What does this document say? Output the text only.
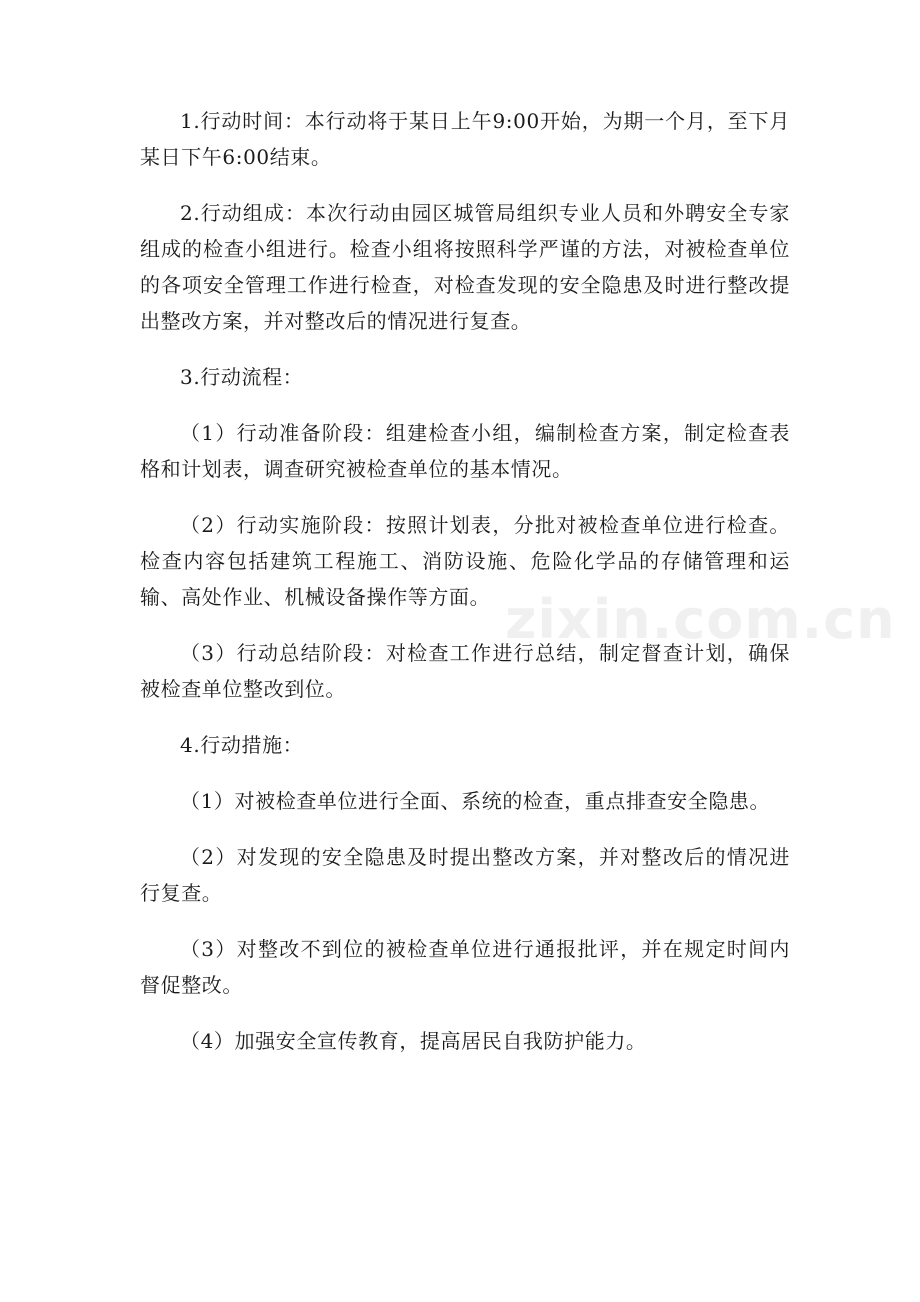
1.行动时间：本行动将于某日上午9:00开始，为期一个月，至下月某日下午6:00结束。

2.行动组成：本次行动由园区城管局组织专业人员和外聘安全专家组成的检查小组进行。检查小组将按照科学严谨的方法，对被检查单位的各项安全管理工作进行检查，对检查发现的安全隐患及时进行整改提出整改方案，并对整改后的情况进行复查。

3.行动流程：

（1）行动准备阶段：组建检查小组，编制检查方案，制定检查表格和计划表，调查研究被检查单位的基本情况。

（2）行动实施阶段：按照计划表，分批对被检查单位进行检查。检查内容包括建筑工程施工、消防设施、危险化学品的存储管理和运输、高处作业、机械设备操作等方面。

（3）行动总结阶段：对检查工作进行总结，制定督查计划，确保被检查单位整改到位。

4.行动措施：

（1）对被检查单位进行全面、系统的检查，重点排查安全隐患。

（2）对发现的安全隐患及时提出整改方案，并对整改后的情况进行复查。

（3）对整改不到位的被检查单位进行通报批评，并在规定时间内督促整改。

（4）加强安全宣传教育，提高居民自我防护能力。

zixin.com.cn
